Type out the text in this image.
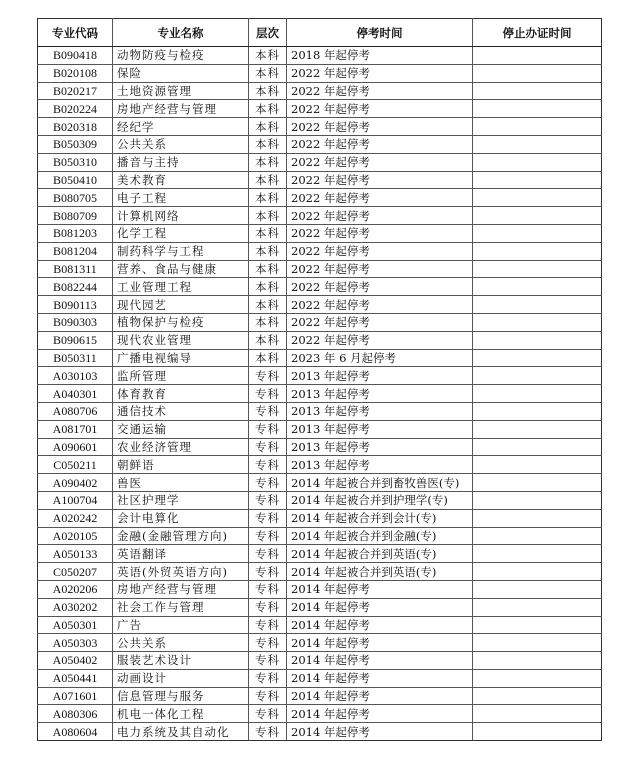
专业代码	专业名称	层次	停考时间	停止办证时间
B090418	动物防疫与检疫	本科	2018 年起停考	
B020108	保险	本科	2022 年起停考	
B020217	土地资源管理	本科	2022 年起停考	
B020224	房地产经营与管理	本科	2022 年起停考	
B020318	经纪学	本科	2022 年起停考	
B050309	公共关系	本科	2022 年起停考	
B050310	播音与主持	本科	2022 年起停考	
B050410	美术教育	本科	2022 年起停考	
B080705	电子工程	本科	2022 年起停考	
B080709	计算机网络	本科	2022 年起停考	
B081203	化学工程	本科	2022 年起停考	
B081204	制药科学与工程	本科	2022 年起停考	
B081311	营养、食品与健康	本科	2022 年起停考	
B082244	工业管理工程	本科	2022 年起停考	
B090113	现代园艺	本科	2022 年起停考	
B090303	植物保护与检疫	本科	2022 年起停考	
B090615	现代农业管理	本科	2022 年起停考	
B050311	广播电视编导	本科	2023 年 6 月起停考	
A030103	监所管理	专科	2013 年起停考	
A040301	体育教育	专科	2013 年起停考	
A080706	通信技术	专科	2013 年起停考	
A081701	交通运输	专科	2013 年起停考	
A090601	农业经济管理	专科	2013 年起停考	
C050211	朝鲜语	专科	2013 年起停考	
A090402	兽医	专科	2014 年起被合并到畜牧兽医(专)	
A100704	社区护理学	专科	2014 年起被合并到护理学(专)	
A020242	会计电算化	专科	2014 年起被合并到会计(专)	
A020105	金融(金融管理方向)	专科	2014 年起被合并到金融(专)	
A050133	英语翻译	专科	2014 年起被合并到英语(专)	
C050207	英语(外贸英语方向)	专科	2014 年起被合并到英语(专)	
A020206	房地产经营与管理	专科	2014 年起停考	
A030202	社会工作与管理	专科	2014 年起停考	
A050301	广告	专科	2014 年起停考	
A050303	公共关系	专科	2014 年起停考	
A050402	服装艺术设计	专科	2014 年起停考	
A050441	动画设计	专科	2014 年起停考	
A071601	信息管理与服务	专科	2014 年起停考	
A080306	机电一体化工程	专科	2014 年起停考	
A080604	电力系统及其自动化	专科	2014 年起停考	
